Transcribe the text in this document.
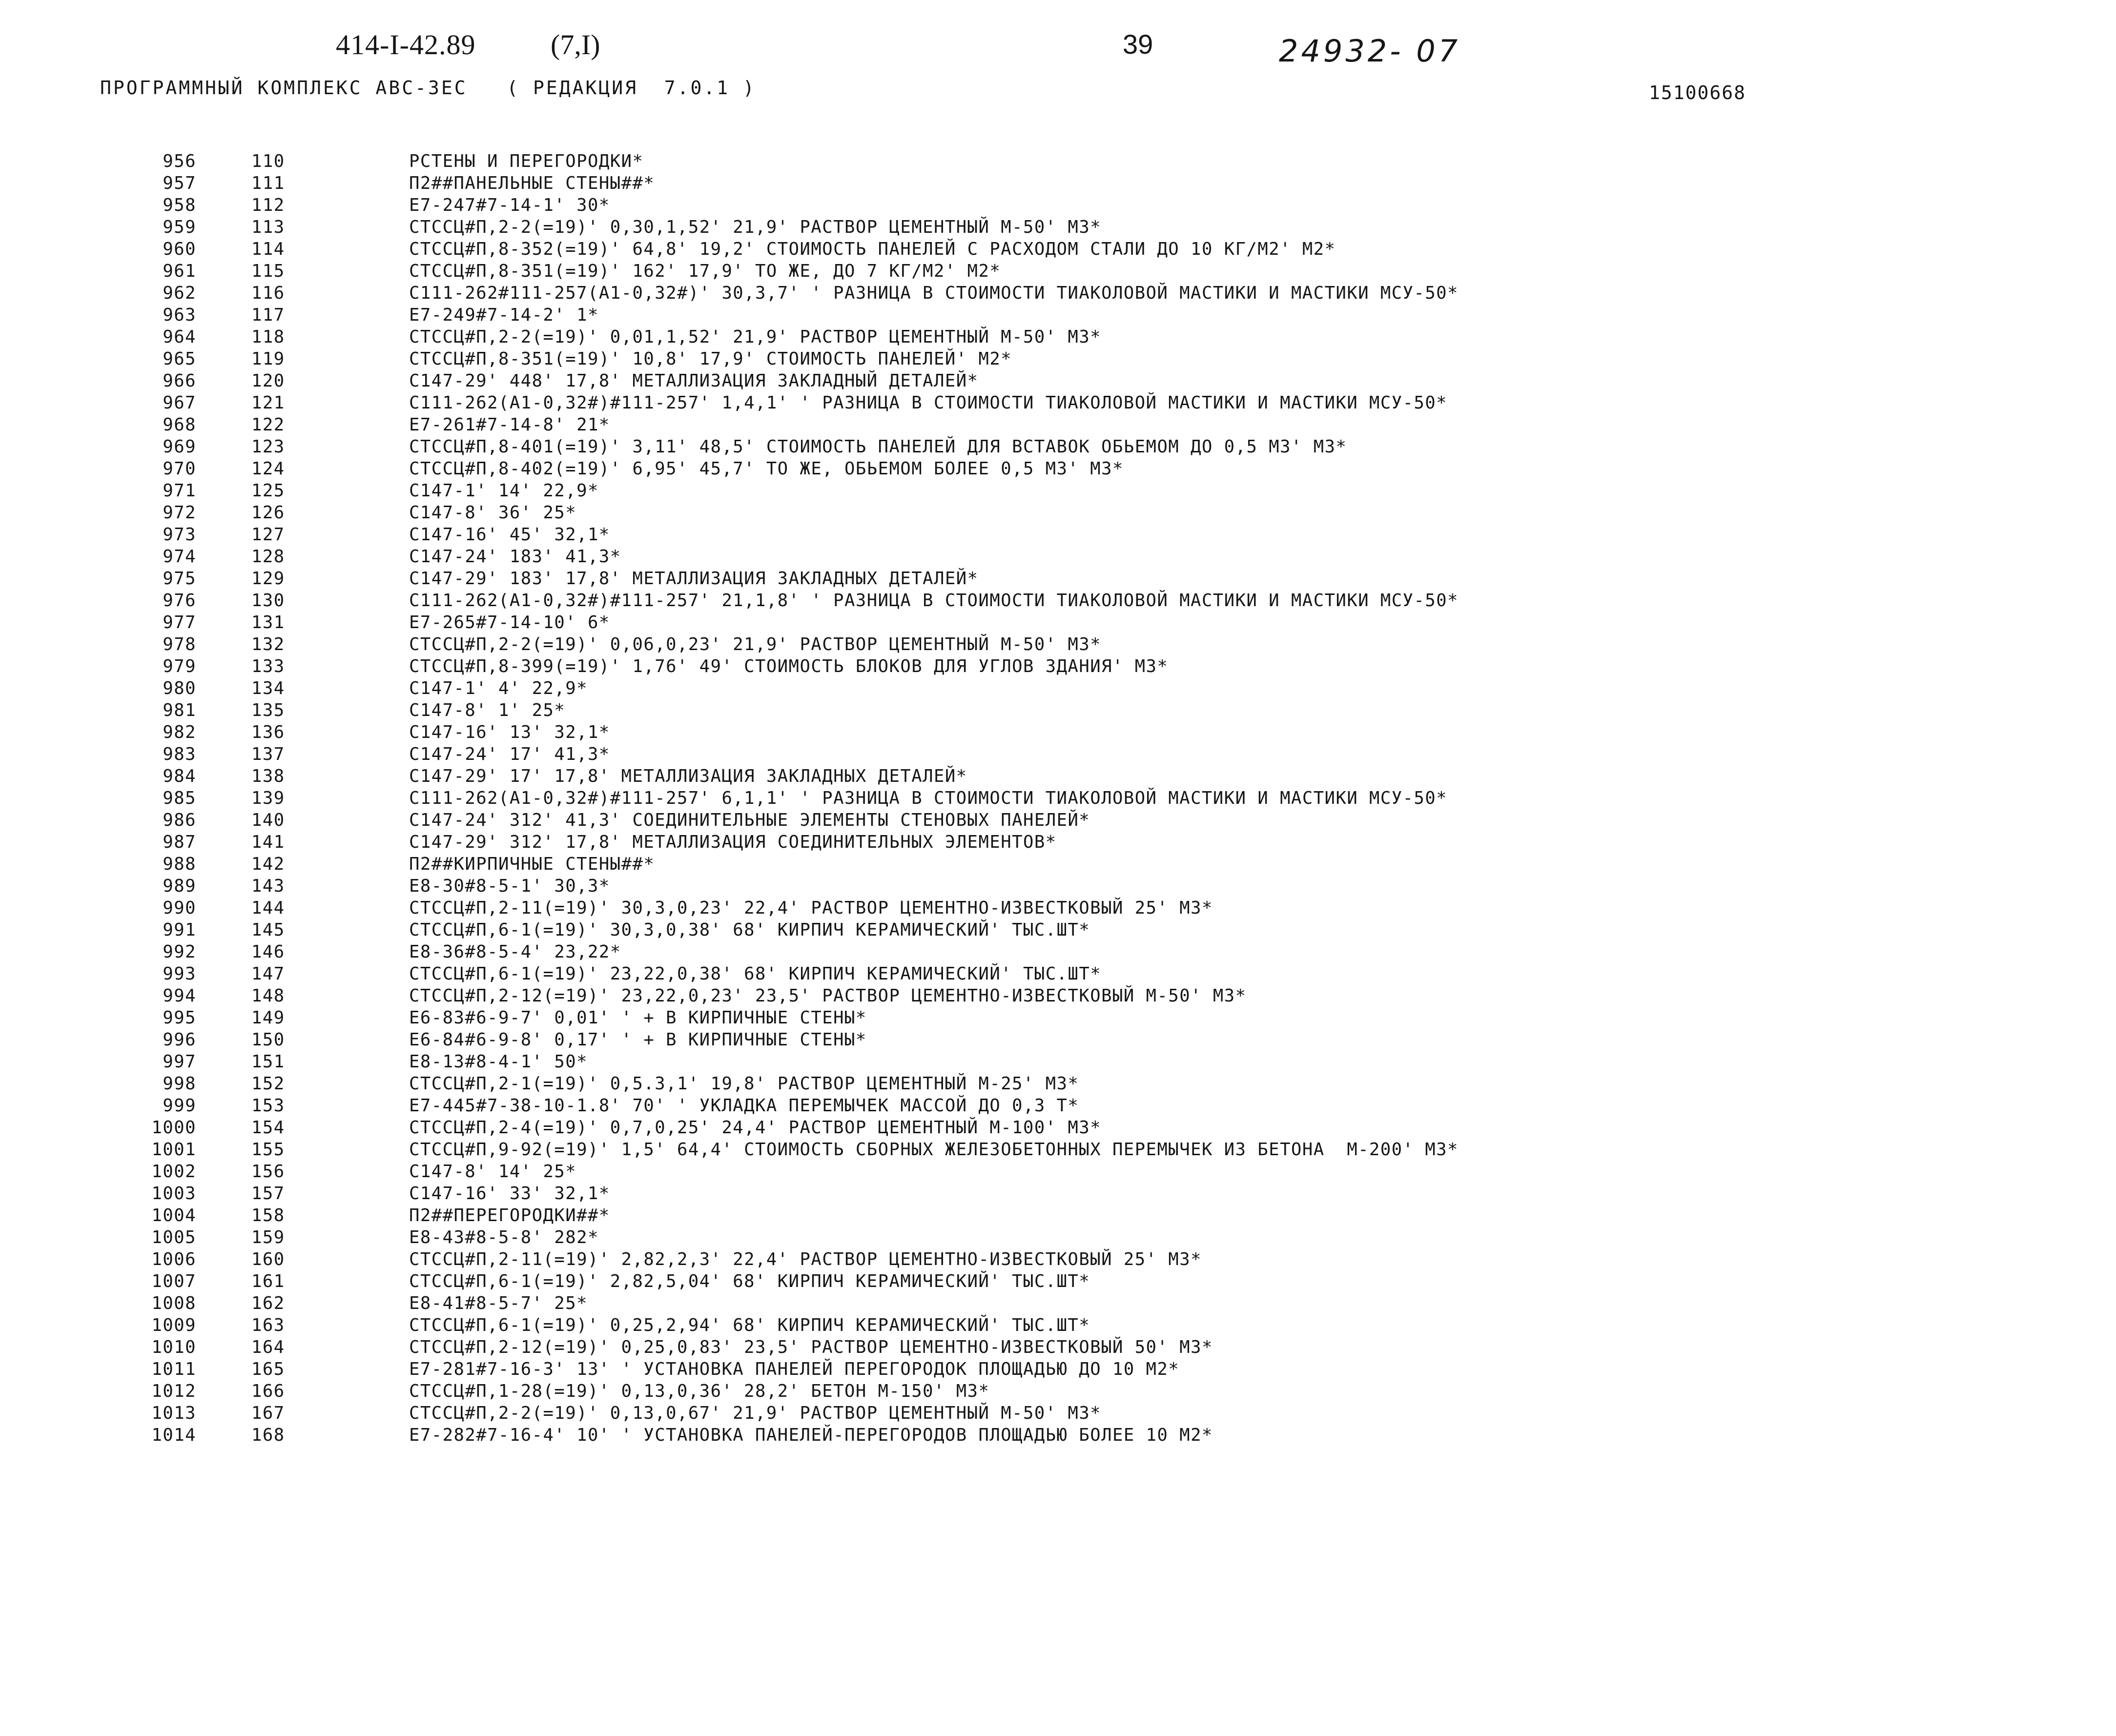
414-I-42.89	(7,I)	39	24932- 07
ПРОГРАММНЫЙ КОМПЛЕКС АВС-ЗЕС   ( РЕДАКЦИЯ  7.0.1 )	15100668
956	110	РСТЕНЫ И ПЕРЕГОРОДКИ*
957	111	П2##ПАНЕЛЬНЫЕ СТЕНЫ##*
958	112	Е7-247#7-14-1' 30*
959	113	СТССЦ#П,2-2(=19)' 0,30,1,52' 21,9' РАСТВОР ЦЕМЕНТНЫЙ М-50' М3*
960	114	СТССЦ#П,8-352(=19)' 64,8' 19,2' СТОИМОСТЬ ПАНЕЛЕЙ С РАСХОДОМ СТАЛИ ДО 10 КГ/М2' М2*
961	115	СТССЦ#П,8-351(=19)' 162' 17,9' ТО ЖЕ, ДО 7 КГ/М2' М2*
962	116	С111-262#111-257(А1-0,32#)' 30,3,7' ' РАЗНИЦА В СТОИМОСТИ ТИАКОЛОВОЙ МАСТИКИ И МАСТИКИ МСУ-50*
963	117	Е7-249#7-14-2' 1*
964	118	СТССЦ#П,2-2(=19)' 0,01,1,52' 21,9' РАСТВОР ЦЕМЕНТНЫЙ М-50' М3*
965	119	СТССЦ#П,8-351(=19)' 10,8' 17,9' СТОИМОСТЬ ПАНЕЛЕЙ' М2*
966	120	С147-29' 448' 17,8' МЕТАЛЛИЗАЦИЯ ЗАКЛАДНЫЙ ДЕТАЛЕЙ*
967	121	С111-262(А1-0,32#)#111-257' 1,4,1' ' РАЗНИЦА В СТОИМОСТИ ТИАКОЛОВОЙ МАСТИКИ И МАСТИКИ МСУ-50*
968	122	Е7-261#7-14-8' 21*
969	123	СТССЦ#П,8-401(=19)' 3,11' 48,5' СТОИМОСТЬ ПАНЕЛЕЙ ДЛЯ ВСТАВОК ОБЬЕМОМ ДО 0,5 М3' М3*
970	124	СТССЦ#П,8-402(=19)' 6,95' 45,7' ТО ЖЕ, ОБЬЕМОМ БОЛЕЕ 0,5 М3' М3*
971	125	С147-1' 14' 22,9*
972	126	С147-8' 36' 25*
973	127	С147-16' 45' 32,1*
974	128	С147-24' 183' 41,3*
975	129	С147-29' 183' 17,8' МЕТАЛЛИЗАЦИЯ ЗАКЛАДНЫХ ДЕТАЛЕЙ*
976	130	С111-262(А1-0,32#)#111-257' 21,1,8' ' РАЗНИЦА В СТОИМОСТИ ТИАКОЛОВОЙ МАСТИКИ И МАСТИКИ МСУ-50*
977	131	Е7-265#7-14-10' 6*
978	132	СТССЦ#П,2-2(=19)' 0,06,0,23' 21,9' РАСТВОР ЦЕМЕНТНЫЙ М-50' М3*
979	133	СТССЦ#П,8-399(=19)' 1,76' 49' СТОИМОСТЬ БЛОКОВ ДЛЯ УГЛОВ ЗДАНИЯ' М3*
980	134	С147-1' 4' 22,9*
981	135	С147-8' 1' 25*
982	136	С147-16' 13' 32,1*
983	137	С147-24' 17' 41,3*
984	138	С147-29' 17' 17,8' МЕТАЛЛИЗАЦИЯ ЗАКЛАДНЫХ ДЕТАЛЕЙ*
985	139	С111-262(А1-0,32#)#111-257' 6,1,1' ' РАЗНИЦА В СТОИМОСТИ ТИАКОЛОВОЙ МАСТИКИ И МАСТИКИ МСУ-50*
986	140	С147-24' 312' 41,3' СОЕДИНИТЕЛЬНЫЕ ЭЛЕМЕНТЫ СТЕНОВЫХ ПАНЕЛЕЙ*
987	141	С147-29' 312' 17,8' МЕТАЛЛИЗАЦИЯ СОЕДИНИТЕЛЬНЫХ ЭЛЕМЕНТОВ*
988	142	П2##КИРПИЧНЫЕ СТЕНЫ##*
989	143	Е8-30#8-5-1' 30,3*
990	144	СТССЦ#П,2-11(=19)' 30,3,0,23' 22,4' РАСТВОР ЦЕМЕНТНО-ИЗВЕСТКОВЫЙ 25' М3*
991	145	СТССЦ#П,6-1(=19)' 30,3,0,38' 68' КИРПИЧ КЕРАМИЧЕСКИЙ' ТЫС.ШТ*
992	146	Е8-36#8-5-4' 23,22*
993	147	СТССЦ#П,6-1(=19)' 23,22,0,38' 68' КИРПИЧ КЕРАМИЧЕСКИЙ' ТЫС.ШТ*
994	148	СТССЦ#П,2-12(=19)' 23,22,0,23' 23,5' РАСТВОР ЦЕМЕНТНО-ИЗВЕСТКОВЫЙ М-50' М3*
995	149	Е6-83#6-9-7' 0,01' ' + В КИРПИЧНЫЕ СТЕНЫ*
996	150	Е6-84#6-9-8' 0,17' ' + В КИРПИЧНЫЕ СТЕНЫ*
997	151	Е8-13#8-4-1' 50*
998	152	СТССЦ#П,2-1(=19)' 0,5.3,1' 19,8' РАСТВОР ЦЕМЕНТНЫЙ М-25' М3*
999	153	Е7-445#7-38-10-1.8' 70' ' УКЛАДКА ПЕРЕМЫЧЕК МАССОЙ ДО 0,3 Т*
1000	154	СТССЦ#П,2-4(=19)' 0,7,0,25' 24,4' РАСТВОР ЦЕМЕНТНЫЙ М-100' М3*
1001	155	СТССЦ#П,9-92(=19)' 1,5' 64,4' СТОИМОСТЬ СБОРНЫХ ЖЕЛЕЗОБЕТОННЫХ ПЕРЕМЫЧЕК ИЗ БЕТОНА  М-200' М3*
1002	156	С147-8' 14' 25*
1003	157	С147-16' 33' 32,1*
1004	158	П2##ПЕРЕГОРОДКИ##*
1005	159	Е8-43#8-5-8' 282*
1006	160	СТССЦ#П,2-11(=19)' 2,82,2,3' 22,4' РАСТВОР ЦЕМЕНТНО-ИЗВЕСТКОВЫЙ 25' М3*
1007	161	СТССЦ#П,6-1(=19)' 2,82,5,04' 68' КИРПИЧ КЕРАМИЧЕСКИЙ' ТЫС.ШТ*
1008	162	Е8-41#8-5-7' 25*
1009	163	СТССЦ#П,6-1(=19)' 0,25,2,94' 68' КИРПИЧ КЕРАМИЧЕСКИЙ' ТЫС.ШТ*
1010	164	СТССЦ#П,2-12(=19)' 0,25,0,83' 23,5' РАСТВОР ЦЕМЕНТНО-ИЗВЕСТКОВЫЙ 50' М3*
1011	165	Е7-281#7-16-3' 13' ' УСТАНОВКА ПАНЕЛЕЙ ПЕРЕГОРОДОК ПЛОЩАДЬЮ ДО 10 М2*
1012	166	СТССЦ#П,1-28(=19)' 0,13,0,36' 28,2' БЕТОН М-150' М3*
1013	167	СТССЦ#П,2-2(=19)' 0,13,0,67' 21,9' РАСТВОР ЦЕМЕНТНЫЙ М-50' М3*
1014	168	Е7-282#7-16-4' 10' ' УСТАНОВКА ПАНЕЛЕЙ-ПЕРЕГОРОДОВ ПЛОЩАДЬЮ БОЛЕЕ 10 М2*
